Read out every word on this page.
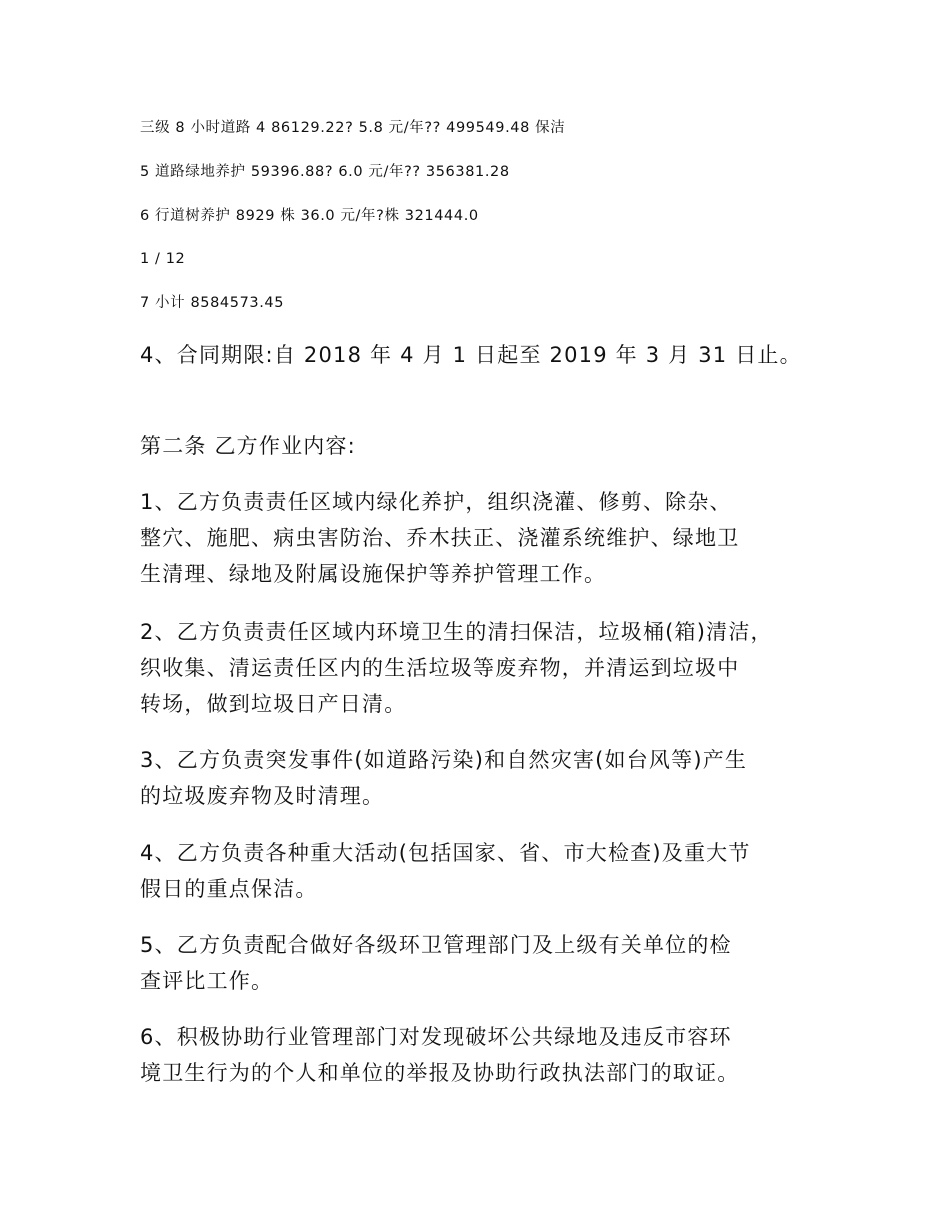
三级 8 小时道路 4 86129.22? 5.8 元/年?? 499549.48 保洁
5 道路绿地养护 59396.88? 6.0 元/年?? 356381.28
6 行道树养护 8929 株 36.0 元/年?株 321444.0
1 / 12
7 小计 8584573.45
4、合同期限:自 2018 年 4 月 1 日起至 2019 年 3 月 31 日止。
第二条 乙方作业内容:
1、乙方负责责任区域内绿化养护，组织浇灌、修剪、除杂、
整穴、施肥、病虫害防治、乔木扶正、浇灌系统维护、绿地卫
生清理、绿地及附属设施保护等养护管理工作。
2、乙方负责责任区域内环境卫生的清扫保洁，垃圾桶(箱)清洁，
织收集、清运责任区内的生活垃圾等废弃物，并清运到垃圾中
转场，做到垃圾日产日清。
3、乙方负责突发事件(如道路污染)和自然灾害(如台风等)产生
的垃圾废弃物及时清理。
4、乙方负责各种重大活动(包括国家、省、市大检查)及重大节
假日的重点保洁。
5、乙方负责配合做好各级环卫管理部门及上级有关单位的检
查评比工作。
6、积极协助行业管理部门对发现破坏公共绿地及违反市容环
境卫生行为的个人和单位的举报及协助行政执法部门的取证。
